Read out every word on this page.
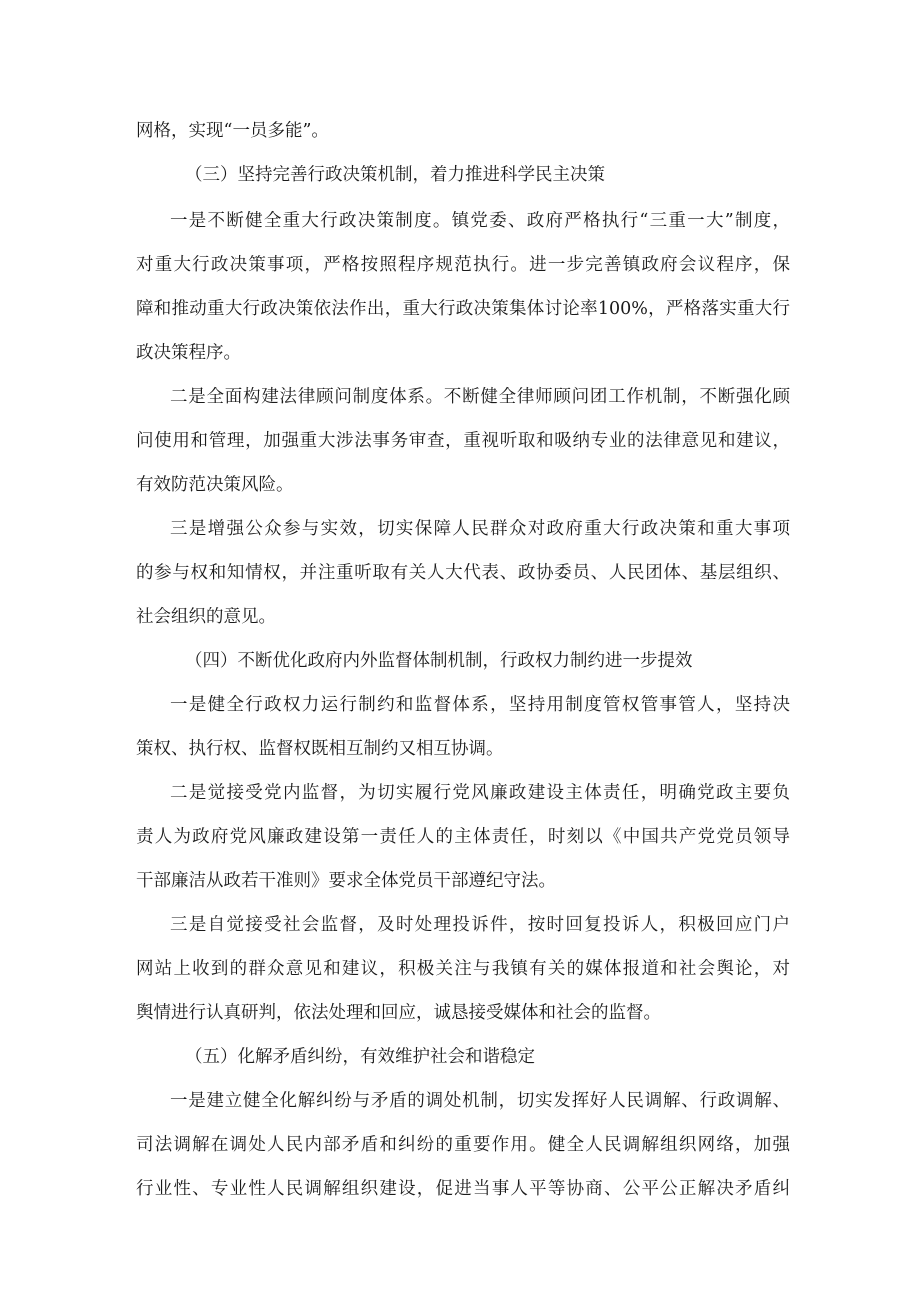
网格，实现“一员多能”。
（三）坚持完善行政决策机制，着力推进科学民主决策
一是不断健全重大行政决策制度。镇党委、政府严格执行“三重一大”制度，
对重大行政决策事项，严格按照程序规范执行。进一步完善镇政府会议程序，保
障和推动重大行政决策依法作出，重大行政决策集体讨论率100%，严格落实重大行
政决策程序。
二是全面构建法律顾问制度体系。不断健全律师顾问团工作机制，不断强化顾
问使用和管理，加强重大涉法事务审查，重视听取和吸纳专业的法律意见和建议，
有效防范决策风险。
三是增强公众参与实效，切实保障人民群众对政府重大行政决策和重大事项
的参与权和知情权，并注重听取有关人大代表、政协委员、人民团体、基层组织、
社会组织的意见。
（四）不断优化政府内外监督体制机制，行政权力制约进一步提效
一是健全行政权力运行制约和监督体系，坚持用制度管权管事管人，坚持决
策权、执行权、监督权既相互制约又相互协调。
二是觉接受党内监督，为切实履行党风廉政建设主体责任，明确党政主要负
责人为政府党风廉政建设第一责任人的主体责任，时刻以《中国共产党党员领导
干部廉洁从政若干准则》要求全体党员干部遵纪守法。
三是自觉接受社会监督，及时处理投诉件，按时回复投诉人，积极回应门户
网站上收到的群众意见和建议，积极关注与我镇有关的媒体报道和社会舆论，对
舆情进行认真研判，依法处理和回应，诚恳接受媒体和社会的监督。
（五）化解矛盾纠纷，有效维护社会和谐稳定
一是建立健全化解纠纷与矛盾的调处机制，切实发挥好人民调解、行政调解、
司法调解在调处人民内部矛盾和纠纷的重要作用。健全人民调解组织网络，加强
行业性、专业性人民调解组织建设，促进当事人平等协商、公平公正解决矛盾纠
